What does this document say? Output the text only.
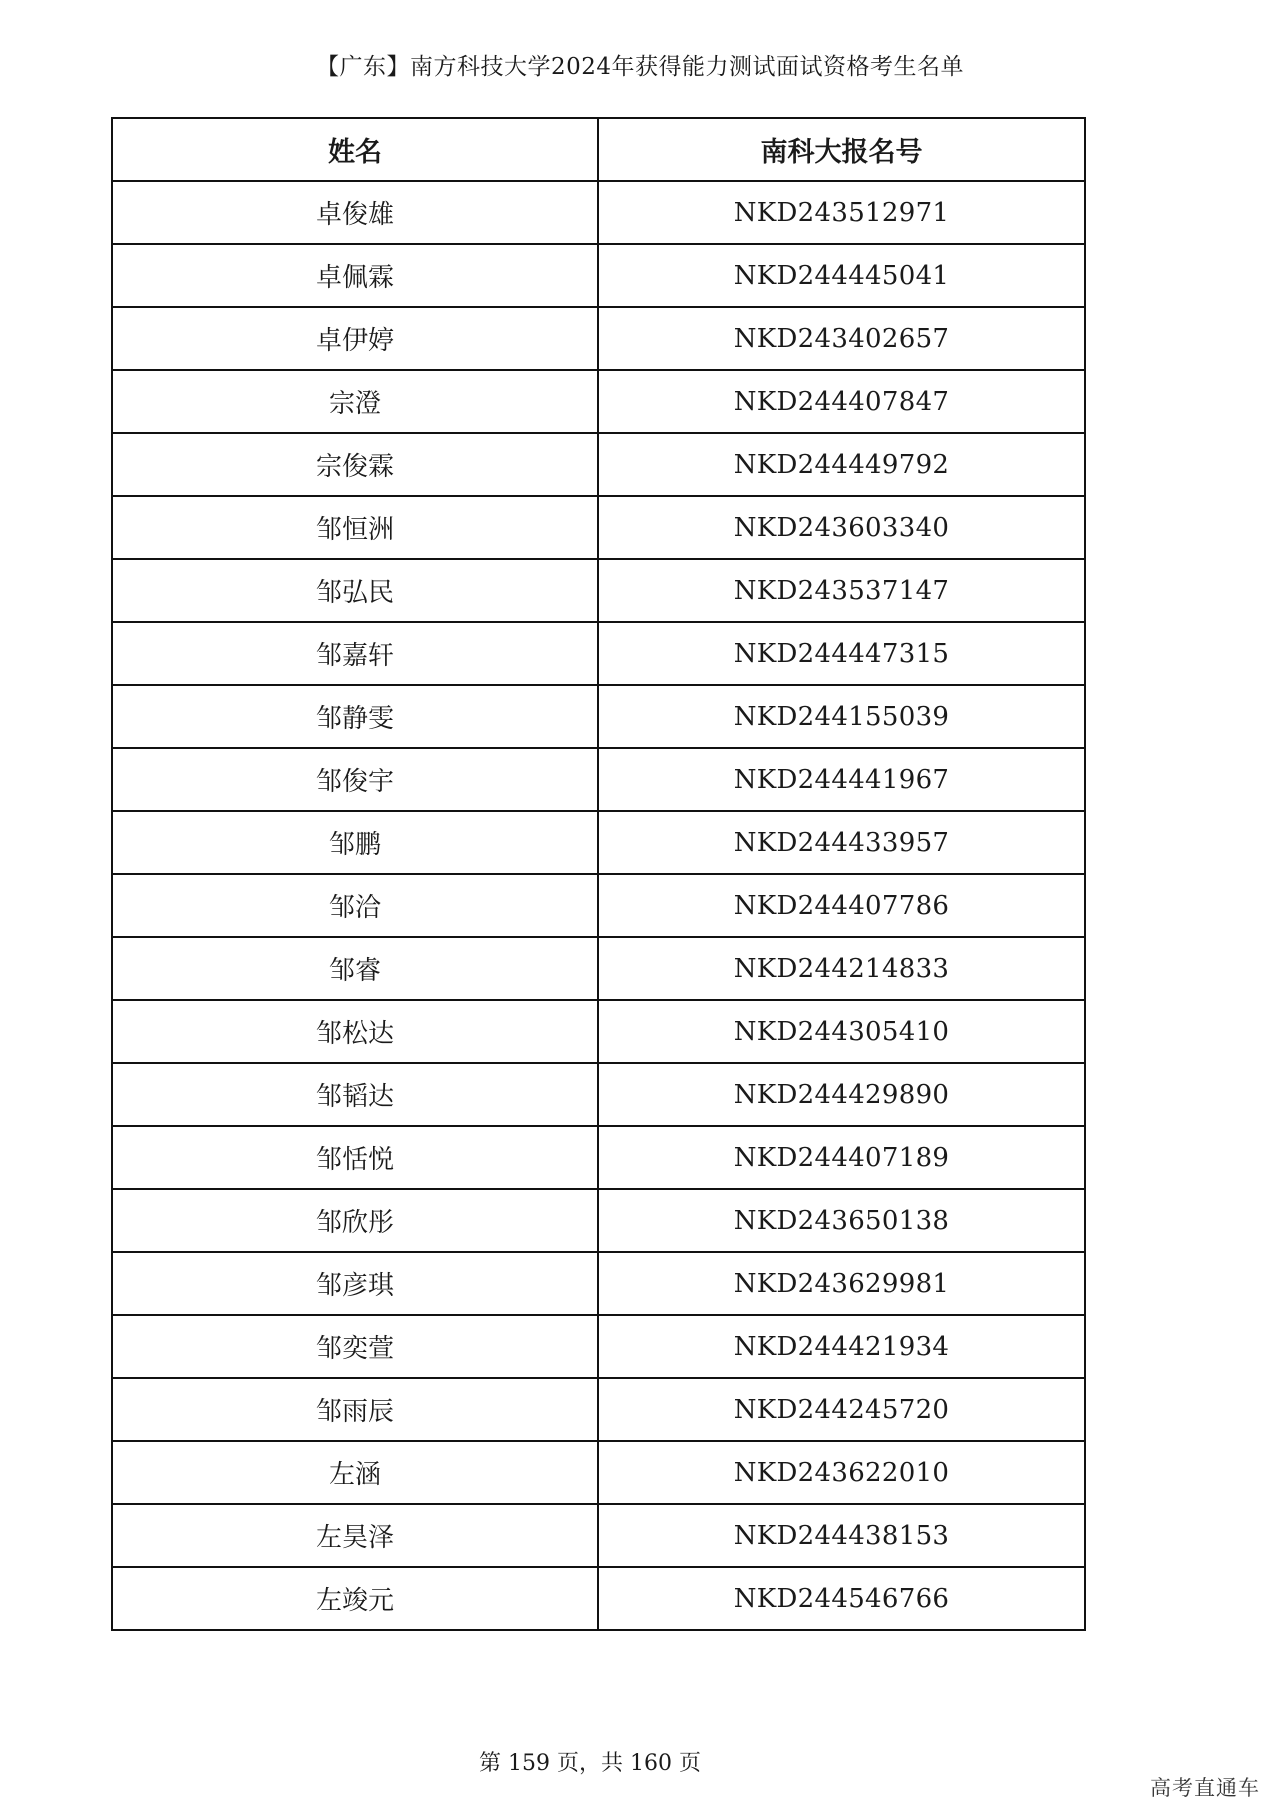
【广东】南方科技大学2024年获得能力测试面试资格考生名单
姓名	南科大报名号
卓俊雄	NKD243512971
卓佩霖	NKD244445041
卓伊婷	NKD243402657
宗澄	NKD244407847
宗俊霖	NKD244449792
邹恒洲	NKD243603340
邹弘民	NKD243537147
邹嘉轩	NKD244447315
邹静雯	NKD244155039
邹俊宇	NKD244441967
邹鹏	NKD244433957
邹洽	NKD244407786
邹睿	NKD244214833
邹松达	NKD244305410
邹韬达	NKD244429890
邹恬悦	NKD244407189
邹欣彤	NKD243650138
邹彦琪	NKD243629981
邹奕萱	NKD244421934
邹雨辰	NKD244245720
左涵	NKD243622010
左昊泽	NKD244438153
左竣元	NKD244546766
第 159 页，共 160 页
高考直通车
